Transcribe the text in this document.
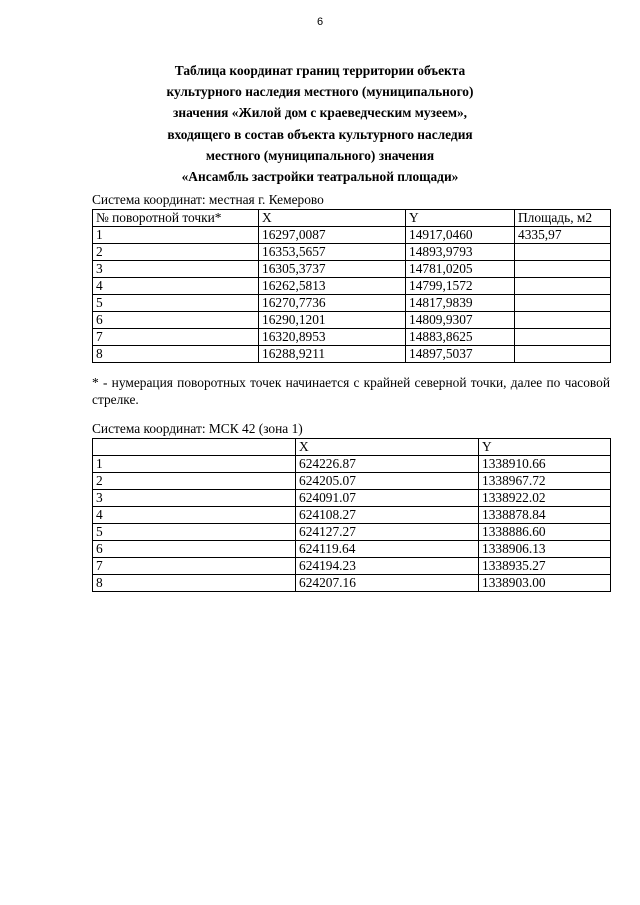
6
Таблица координат границ территории объекта
культурного наследия местного (муниципального)
значения «Жилой дом с краеведческим музеем»,
входящего в состав объекта культурного наследия
местного (муниципального) значения
«Ансамбль застройки театральной площади»
Система координат: местная г. Кемерово
№ поворотной точки*	X	Y	Площадь, м2
1	16297,0087	14917,0460	4335,97
2	16353,5657	14893,9793	
3	16305,3737	14781,0205	
4	16262,5813	14799,1572	
5	16270,7736	14817,9839	
6	16290,1201	14809,9307	
7	16320,8953	14883,8625	
8	16288,9211	14897,5037	
* - нумерация поворотных точек начинается с крайней северной точки, далее по часовой стрелке.
Система координат: МСК 42 (зона 1)
	X	Y
1	624226.87	1338910.66
2	624205.07	1338967.72
3	624091.07	1338922.02
4	624108.27	1338878.84
5	624127.27	1338886.60
6	624119.64	1338906.13
7	624194.23	1338935.27
8	624207.16	1338903.00
